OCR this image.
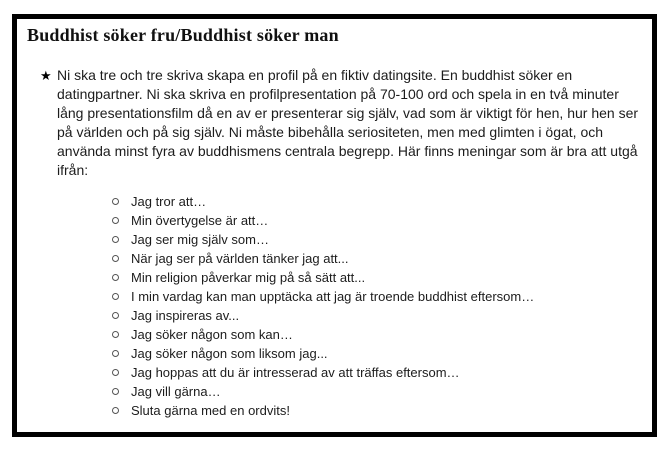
Buddhist söker fru/Buddhist söker man
★ Ni ska tre och tre skriva skapa en profil på en fiktiv datingsite. En buddhist söker en datingpartner. Ni ska skriva en profilpresentation på 70-100 ord och spela in en två minuter lång presentationsfilm då en av er presenterar sig själv, vad som är viktigt för hen, hur hen ser på världen och på sig själv. Ni måste bibehålla seriositeten, men med glimten i ögat, och använda minst fyra av buddhismens centrala begrepp. Här finns meningar som är bra att utgå ifrån:

Jag tror att…
Min övertygelse är att…
Jag ser mig själv som…
När jag ser på världen tänker jag att...
Min religion påverkar mig på så sätt att...
I min vardag kan man upptäcka att jag är troende buddhist eftersom…
Jag inspireras av...
Jag söker någon som kan…
Jag söker någon som liksom jag...
Jag hoppas att du är intresserad av att träffas eftersom…
Jag vill gärna…
Sluta gärna med en ordvits!
